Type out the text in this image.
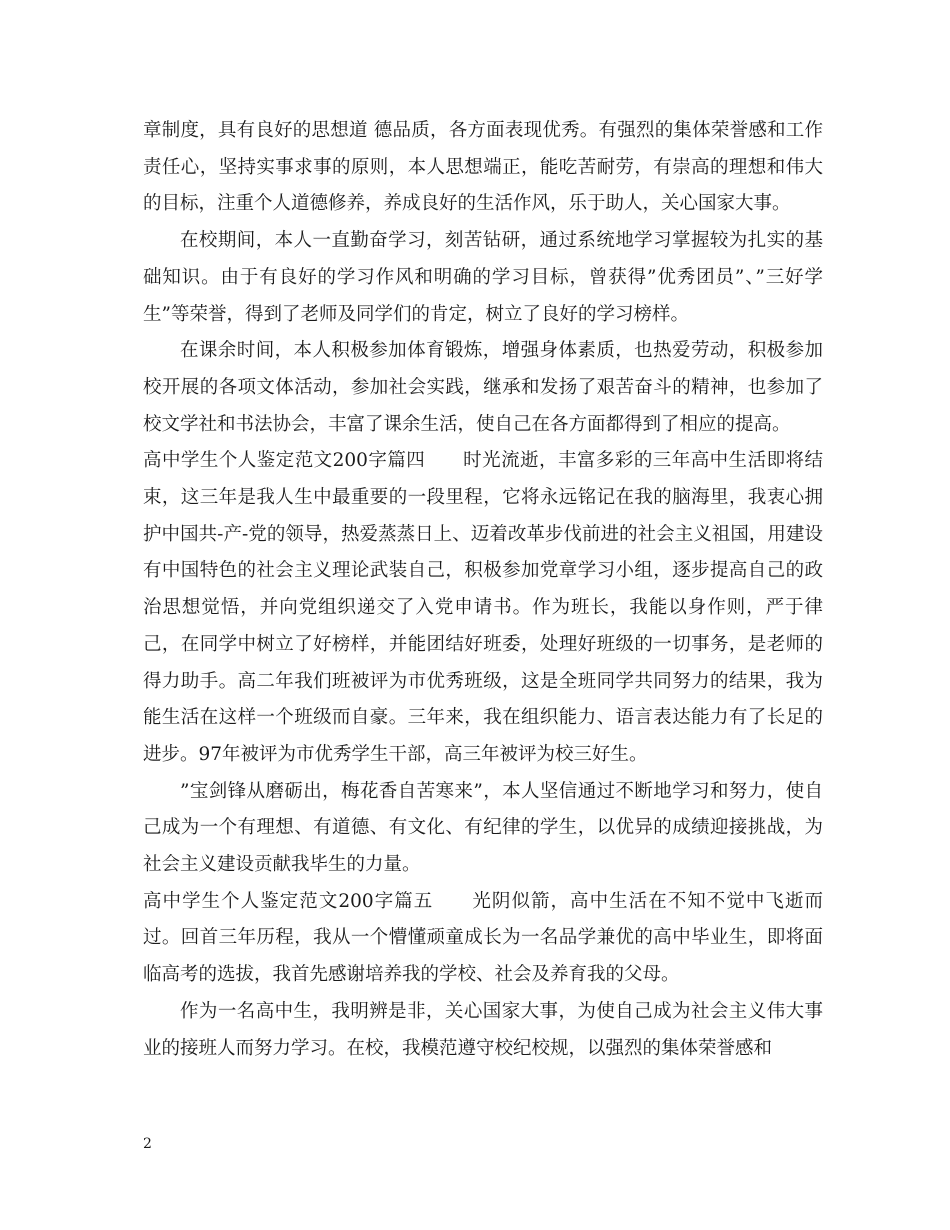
章制度，具有良好的思想道 德品质，各方面表现优秀。有强烈的集体荣誉感和工作责任心，坚持实事求事的原则，本人思想端正，能吃苦耐劳，有崇高的理想和伟大的目标，注重个人道德修养，养成良好的生活作风，乐于助人，关心国家大事。

在校期间，本人一直勤奋学习，刻苦钻研，通过系统地学习掌握较为扎实的基础知识。由于有良好的学习作风和明确的学习目标，曾获得”优秀团员”、”三好学生”等荣誉，得到了老师及同学们的肯定，树立了良好的学习榜样。

在课余时间，本人积极参加体育锻炼，增强身体素质，也热爱劳动，积极参加校开展的各项文体活动，参加社会实践，继承和发扬了艰苦奋斗的精神，也参加了校文学社和书法协会，丰富了课余生活，使自己在各方面都得到了相应的提高。

高中学生个人鉴定范文200字篇四　　时光流逝，丰富多彩的三年高中生活即将结束，这三年是我人生中最重要的一段里程，它将永远铭记在我的脑海里，我衷心拥护中国共-产-党的领导，热爱蒸蒸日上、迈着改革步伐前进的社会主义祖国，用建设有中国特色的社会主义理论武装自己，积极参加党章学习小组，逐步提高自己的政治思想觉悟，并向党组织递交了入党申请书。作为班长，我能以身作则，严于律己，在同学中树立了好榜样，并能团结好班委，处理好班级的一切事务，是老师的得力助手。高二年我们班被评为市优秀班级，这是全班同学共同努力的结果，我为能生活在这样一个班级而自豪。三年来，我在组织能力、语言表达能力有了长足的进步。97年被评为市优秀学生干部，高三年被评为校三好生。

”宝剑锋从磨砺出，梅花香自苦寒来”，本人坚信通过不断地学习和努力，使自己成为一个有理想、有道德、有文化、有纪律的学生，以优异的成绩迎接挑战，为社会主义建设贡献我毕生的力量。

高中学生个人鉴定范文200字篇五　　光阴似箭，高中生活在不知不觉中飞逝而过。回首三年历程，我从一个懵懂顽童成长为一名品学兼优的高中毕业生，即将面临高考的选拔，我首先感谢培养我的学校、社会及养育我的父母。

作为一名高中生，我明辨是非，关心国家大事，为使自己成为社会主义伟大事业的接班人而努力学习。在校，我模范遵守校纪校规，以强烈的集体荣誉感和

2
